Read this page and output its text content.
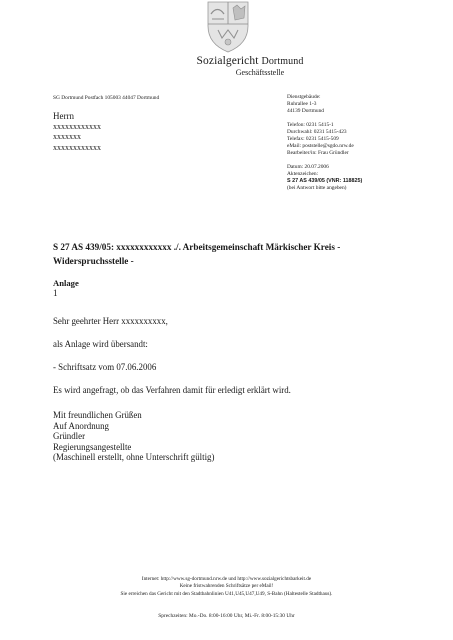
Sozialgericht Dortmund
Geschäftsstelle
SG Dortmund Postfach 105003 44047 Dortmund
Herrn
xxxxxxxxxxxx
xxxxxxx
xxxxxxxxxxxx
Dienstgebäude:
Ruhrallee 1-3
44139 Dortmund
Telefon: 0231 5415-1
Durchwahl: 0231 5415-423
Telefax: 0231 5415-509
eMail: poststelle@sgdo.nrw.de
Bearbeiter/in: Frau Gründler
Datum: 20.07.2006
Aktenzeichen:
S 27 AS 439/05 (VNR: 118825)
(bei Antwort bitte angeben)
S 27 AS 439/05: xxxxxxxxxxxx ./. Arbeitsgemeinschaft Märkischer Kreis - Widerspruchsstelle -
Anlage
1
Sehr geehrter Herr xxxxxxxxxx,
als Anlage wird übersandt:
- Schriftsatz vom 07.06.2006
Es wird angefragt, ob das Verfahren damit für erledigt erklärt wird.
Mit freundlichen Grüßen
Auf Anordnung
Gründler
Regierungsangestellte
(Maschinell erstellt, ohne Unterschrift gültig)
Internet: http://www.sg-dortmund.nrw.de und http://www.sozialgerichtsbarkeit.de
Keine fristwahrenden Schriftsätze per eMail!
Sie erreichen das Gericht mit den Stadtbahnlinien U41,U45,U47,U49, S-Bahn (Haltestelle Stadthaus).
Sprechzeiten: Mo.-Do. 8:00-16:00 Uhr, Mi.-Fr. 8:00-15:30 Uhr
